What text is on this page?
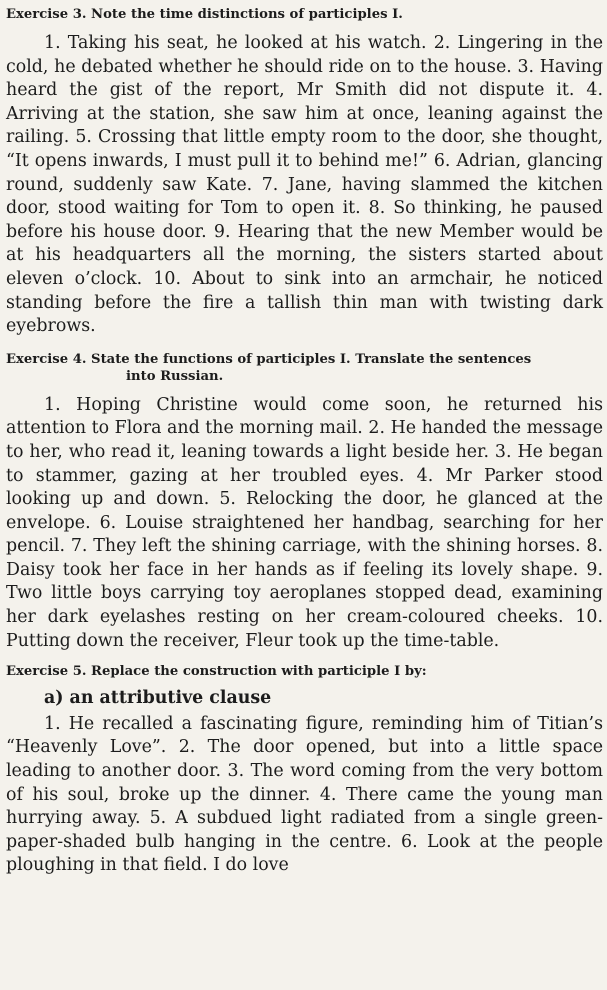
Exercise 3. Note the time distinctions of participles I.

1. Taking his seat, he looked at his watch. 2. Lingering in the cold, he debated whether he should ride on to the house. 3. Having heard the gist of the report, Mr Smith did not dispute it. 4. Arriving at the station, she saw him at once, leaning against the railing. 5. Crossing that little empty room to the door, she thought, “It opens inwards, I must pull it to behind me!” 6. Adrian, glancing round, suddenly saw Kate. 7. Jane, having slammed the kitchen door, stood waiting for Tom to open it. 8. So thinking, he paused before his house door. 9. Hearing that the new Member would be at his headquarters all the morning, the sisters started about eleven o’clock. 10. About to sink into an armchair, he noticed standing before the fire a tallish thin man with twisting dark eyebrows.

Exercise 4. State the functions of participles I. Translate the sentences
into Russian.

1. Hoping Christine would come soon, he returned his attention to Flora and the morning mail. 2. He handed the message to her, who read it, leaning towards a light beside her. 3. He began to stammer, gazing at her troubled eyes. 4. Mr Parker stood looking up and down. 5. Relocking the door, he glanced at the envelope. 6. Louise straightened her handbag, searching for her pencil. 7. They left the shining carriage, with the shining horses. 8. Daisy took her face in her hands as if feeling its lovely shape. 9. Two little boys carrying toy aeroplanes stopped dead, examining her dark eyelashes resting on her cream-coloured cheeks. 10. Putting down the receiver, Fleur took up the time-table.

Exercise 5. Replace the construction with participle I by:

a) an attributive clause

1. He recalled a fascinating figure, reminding him of Titian’s “Heavenly Love”. 2. The door opened, but into a little space leading to another door. 3. The word coming from the very bottom of his soul, broke up the dinner. 4. There came the young man hurrying away. 5. A subdued light radiated from a single green-paper-shaded bulb hanging in the centre. 6. Look at the people ploughing in that field. I do love
